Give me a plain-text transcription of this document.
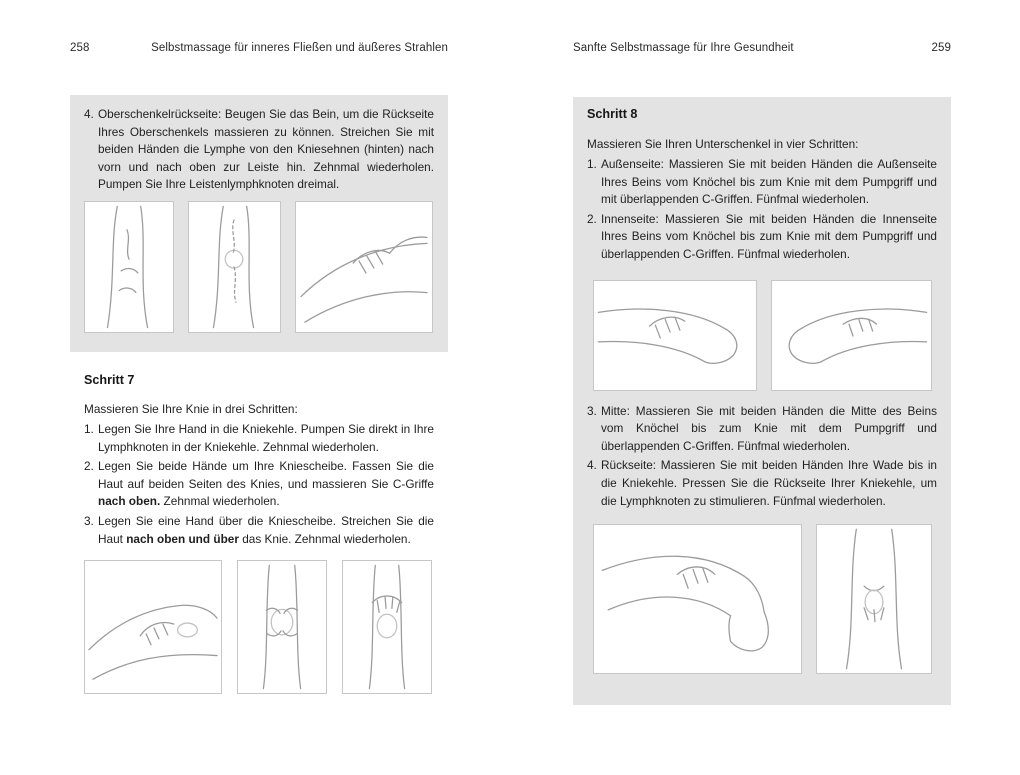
258	Selbstmassage für inneres Fließen und äußeres Strahlen	Sanfte Selbstmassage für Ihre Gesundheit	259
4. Oberschenkelrückseite: Beugen Sie das Bein, um die Rückseite Ihres Oberschenkels massieren zu können. Streichen Sie mit beiden Händen die Lymphe von den Kniesehnen (hinten) nach vorn und nach oben zur Leiste hin. Zehnmal wiederholen. Pumpen Sie Ihre Leistenlymphknoten dreimal.

Schritt 7

Massieren Sie Ihre Knie in drei Schritten:

1. Legen Sie Ihre Hand in die Kniekehle. Pumpen Sie direkt in Ihre Lymphknoten in der Kniekehle. Zehnmal wiederholen.

2. Legen Sie beide Hände um Ihre Kniescheibe. Fassen Sie die Haut auf beiden Seiten des Knies, und massieren Sie C-Griffe nach oben. Zehnmal wiederholen.

3. Legen Sie eine Hand über die Kniescheibe. Streichen Sie die Haut nach oben und über das Knie. Zehnmal wiederholen.

Schritt 8

Massieren Sie Ihren Unterschenkel in vier Schritten:

1. Außenseite: Massieren Sie mit beiden Händen die Außenseite Ihres Beins vom Knöchel bis zum Knie mit dem Pumpgriff und mit überlappenden C-Griffen. Fünfmal wiederholen.

2. Innenseite: Massieren Sie mit beiden Händen die Innenseite Ihres Beins vom Knöchel bis zum Knie mit dem Pumpgriff und überlappenden C-Griffen. Fünfmal wiederholen.

3. Mitte: Massieren Sie mit beiden Händen die Mitte des Beins vom Knöchel bis zum Knie mit dem Pumpgriff und überlappenden C-Griffen. Fünfmal wiederholen.

4. Rückseite: Massieren Sie mit beiden Händen Ihre Wade bis in die Kniekehle. Pressen Sie die Rückseite Ihrer Kniekehle, um die Lymphknoten zu stimulieren. Fünfmal wiederholen.
